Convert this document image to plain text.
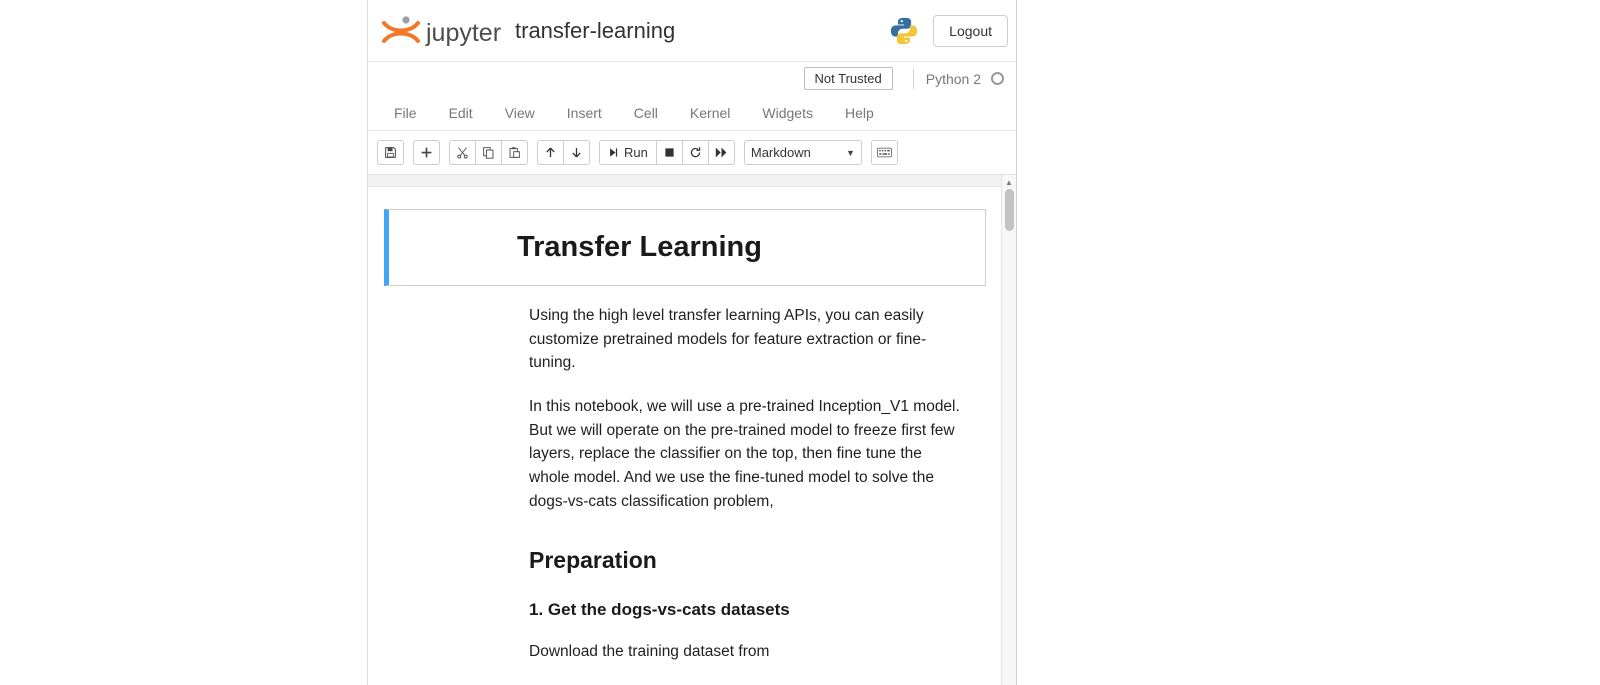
jupyter transfer-learning	Logout
Not Trusted	Python 2
File	Edit	View	Insert	Cell	Kernel	Widgets	Help
Run	Markdown	▼
▲
Transfer Learning

Using the high level transfer learning APIs, you can easily customize pretrained models for feature extraction or fine-tuning.

In this notebook, we will use a pre-trained Inception_V1 model. But we will operate on the pre-trained model to freeze first few layers, replace the classifier on the top, then fine tune the whole model. And we use the fine-tuned model to solve the dogs-vs-cats classification problem,

Preparation
1. Get the dogs-vs-cats datasets

Download the training dataset from
